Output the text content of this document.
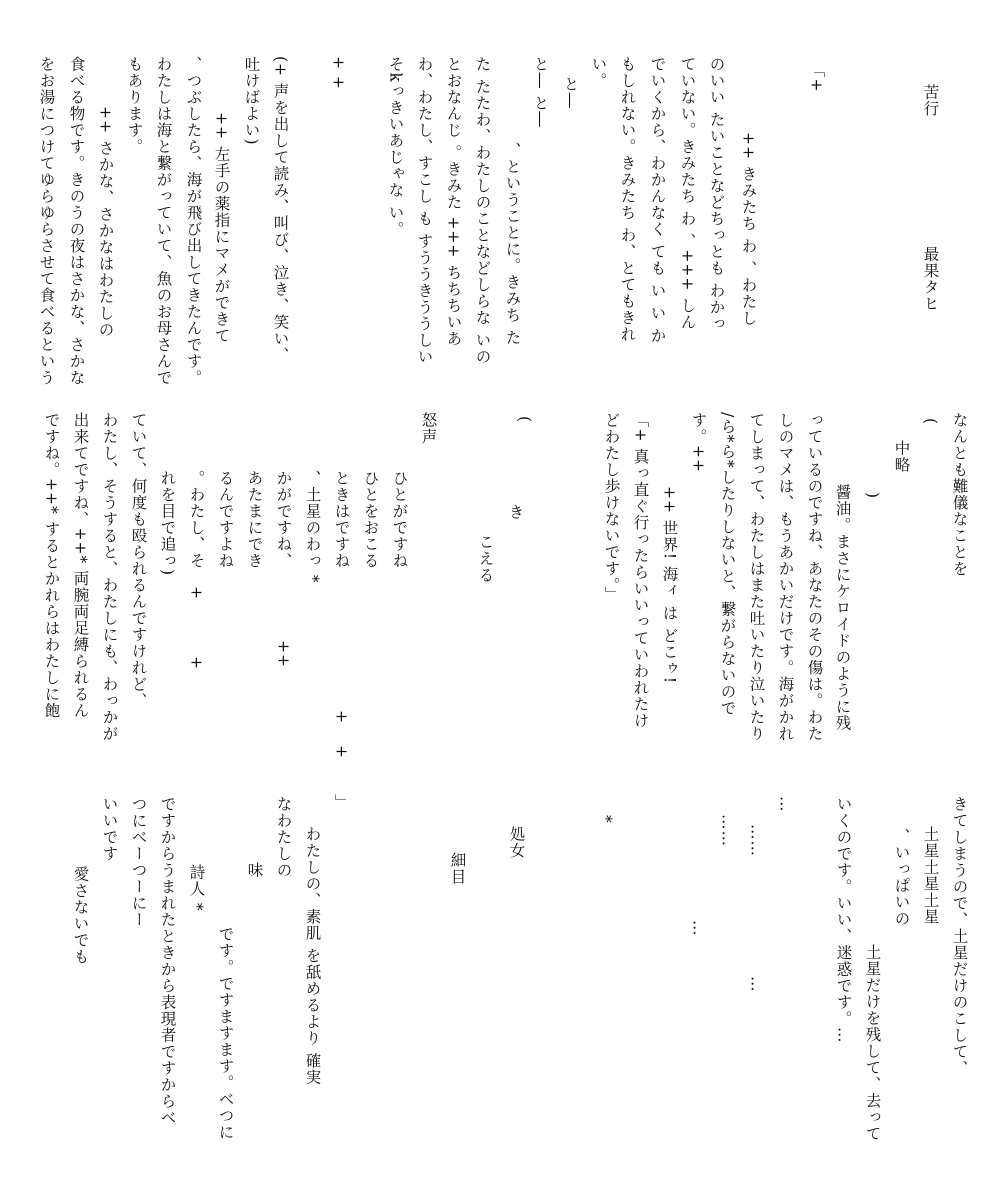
苦行
最果タヒ
「+
++ きみたち わ 、わたし
のいい たいことなどちっとも わかっ
ていない。きみたち わ 、+++ しん
でいくから、わかんなく ても い い か
もしれない。きみたち わ、とてもきれ
い。
と―
と― と―
、ということに。きみち た
た たたわ、わたしのことなどしらな いの
とおなんじ 。きみた +++ ちちちいあ
わ、わたし、すこし も すううきううしい
そkっきいあじゃな い。
+ +
(+ 声を出して読み、叫び、泣き、笑い、
吐けばよい)
++ 左手の薬指にマメができて
、つぶしたら、海が飛び出してきたんです。
わたしは海と繋がっていて、魚のお母さんで
もあります。
++ さかな、さかなはわたしの
食べる物です。きのうの夜はさかな、さかな
をお湯につけてゆらゆらさせて食べるという
なんとも難儀なことを
(
中略
)
っているのですね、あなたのその傷は。わた 醤油。まさにケロイドのように残
しのマメは、もうあかいだけです。海がかれ
てしまって、わたしはまた吐いたり泣いたり
/ら*ら*したりしないと、繋がらないので
す。++
++ 世界! 海ィ は どこゥ!
「+ 真っ直ぐ行ったらいいっていわれたけ
どわたし歩けないです。」
(
き
こえる
怒声
ひとがですね
ひとをおこる
ときはですね
、土星のわっ *
かがですね、
++
あたまにでき
るんですよね
。わたし、そ
+
+
れを目で追っ)
ていて、何度も殴られるんですけれど、
わたし、そうすると、わたしにも、わっかが
出来てですね、++* 両腕両足縛られるん
ですね。++* するとかれらはわたしに飽	+
+
きてしまうので、土星だけのこして、
土星土星土星
、いっぱいの
土星だけを残して、去って
いくのです。いい、迷惑です。…
…
……
……
…
…
*
処女
細目
」
わたしの、素肌 を舐めるより 確実
なわたしの
味
です。ですますます。べつに
詩人 *
ですからうまれたときから表現者ですからべ
つにべーつーにー
いいです
愛さないでも
